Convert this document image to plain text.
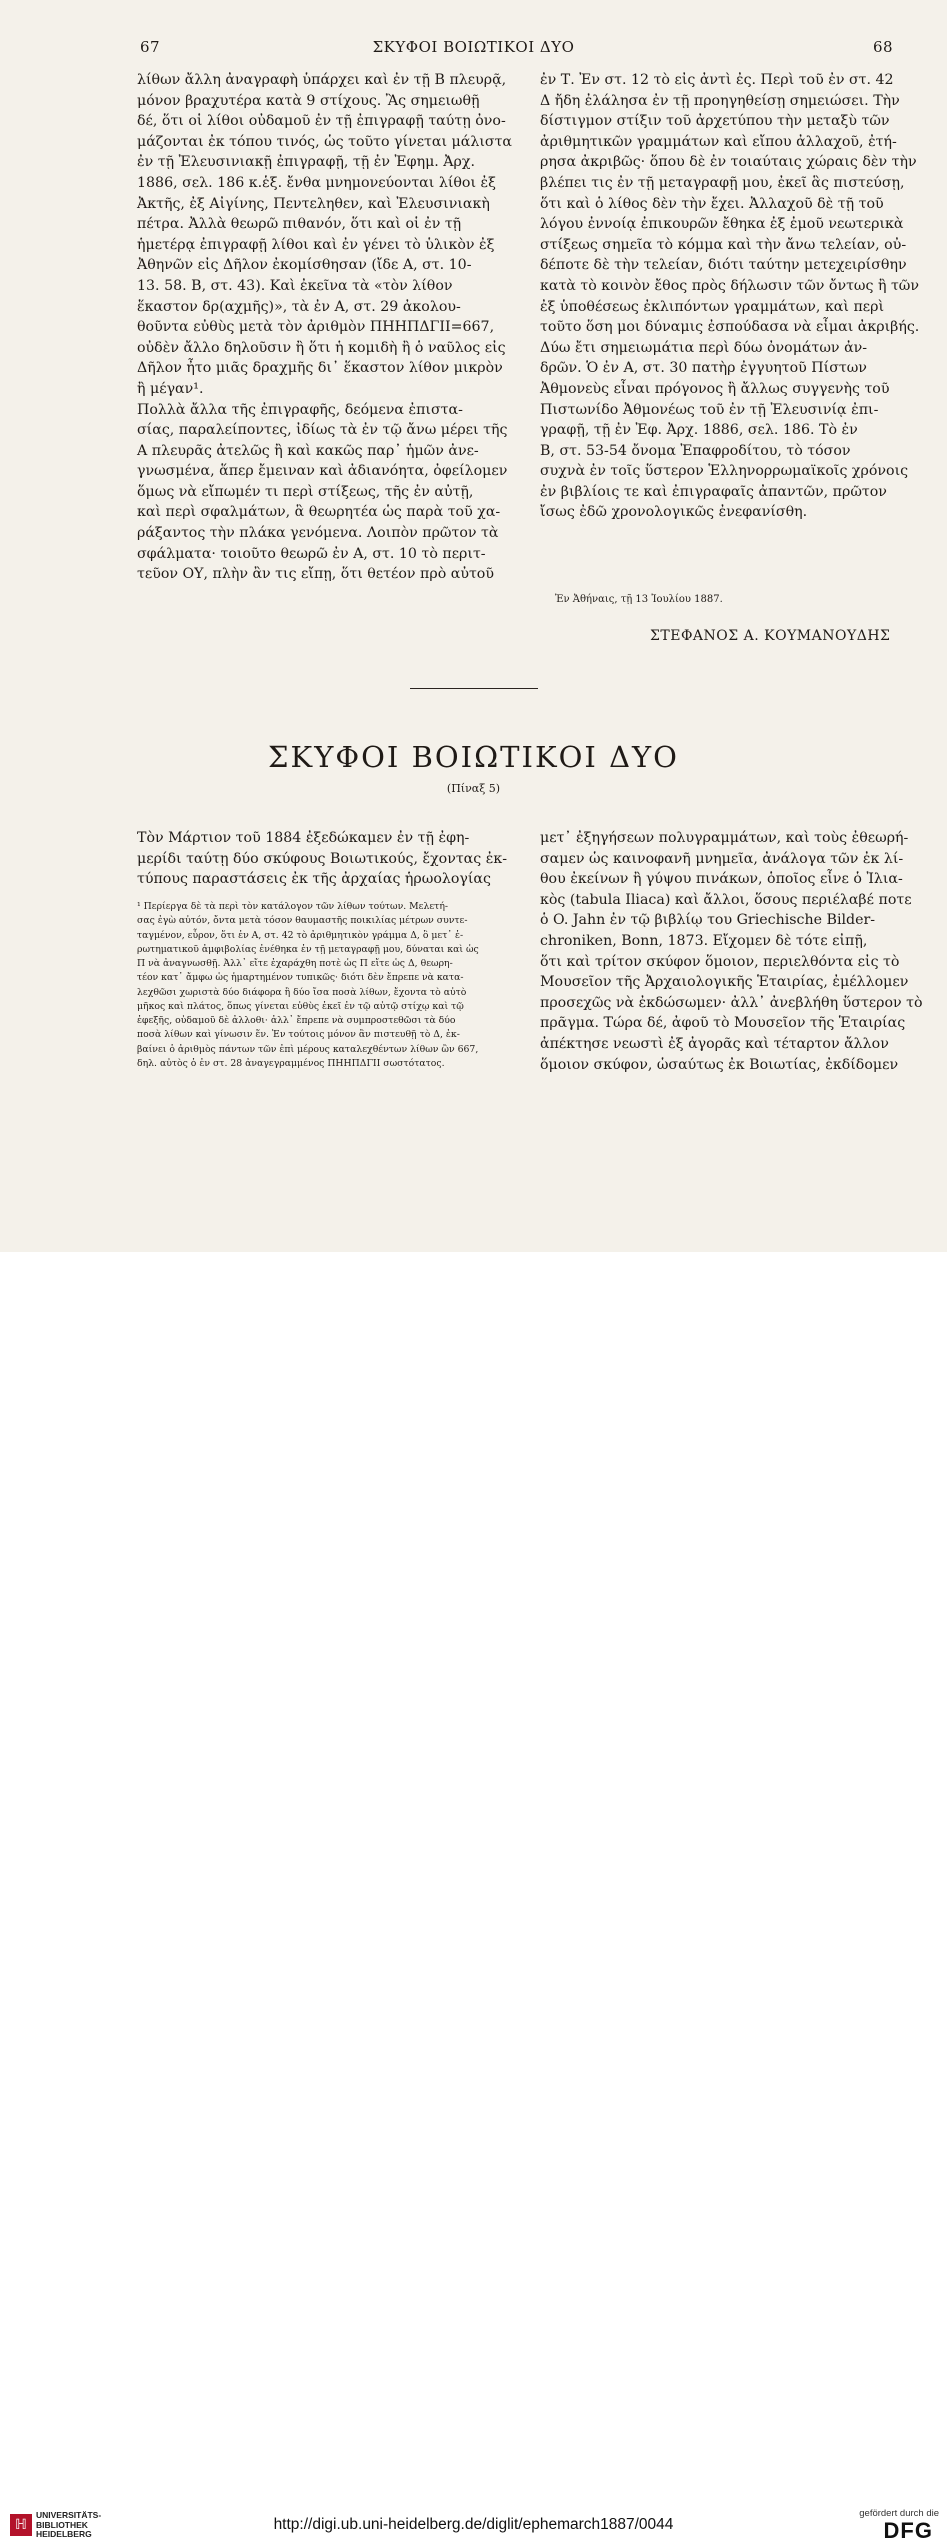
67	ΣΚΥΦΟΙ ΒΟΙΩΤΙΚΟΙ ΔΥΟ	68
λίθων ἄλλη ἀναγραφὴ ὑπάρχει καὶ ἐν τῇ Β πλευρᾷ,
μόνον βραχυτέρα κατὰ 9 στίχους. Ἂς σημειωθῇ
δέ, ὅτι οἱ λίθοι οὐδαμοῦ ἐν τῇ ἐπιγραφῇ ταύτῃ ὀνο-
μάζονται ἐκ τόπου τινός, ὡς τοῦτο γίνεται μάλιστα
ἐν τῇ Ἐλευσινιακῇ ἐπιγραφῇ, τῇ ἐν Ἐφημ. Ἀρχ.
1886, σελ. 186 κ.ἑξ. ἔνθα μνημονεύονται λίθοι ἐξ
Ἀκτῆς, ἐξ Αἰγίνης, Πεντεληθεν, καὶ Ἐλευσινιακὴ
πέτρα. Ἀλλὰ θεωρῶ πιθανόν, ὅτι καὶ οἱ ἐν τῇ
ἡμετέρᾳ ἐπιγραφῇ λίθοι καὶ ἐν γένει τὸ ὑλικὸν ἐξ
Ἀθηνῶν εἰς Δῆλον ἐκομίσθησαν (ἴδε Α, στ. 10-
13. 58. Β, στ. 43). Καὶ ἐκεῖνα τὰ «τὸν λίθον
ἕκαστον δρ(αχμῆς)», τὰ ἐν Α, στ. 29 ἀκολου-
θοῦντα εὐθὺς μετὰ τὸν ἀριθμὸν ΠΗΗΠΔΓΙΙ=667,
οὐδὲν ἄλλο δηλοῦσιν ἢ ὅτι ἡ κομιδὴ ἢ ὁ ναῦλος εἰς
Δῆλον ἦτο μιᾶς δραχμῆς δι᾽ ἕκαστον λίθον μικρὸν
ἢ μέγαν¹.
Πολλὰ ἄλλα τῆς ἐπιγραφῆς, δεόμενα ἐπιστα-
σίας, παραλείποντες, ἰδίως τὰ ἐν τῷ ἄνω μέρει τῆς
Α πλευρᾶς ἀτελῶς ἢ καὶ κακῶς παρ᾽ ἡμῶν ἀνε-
γνωσμένα, ἅπερ ἔμειναν καὶ ἀδιανόητα, ὀφείλομεν
ὅμως νὰ εἴπωμέν τι περὶ στίξεως, τῆς ἐν αὐτῇ,
καὶ περὶ σφαλμάτων, ἃ θεωρητέα ὡς παρὰ τοῦ χα-
ράξαντος τὴν πλάκα γενόμενα. Λοιπὸν πρῶτον τὰ
σφάλματα· τοιοῦτο θεωρῶ ἐν Α, στ. 10 τὸ περιτ-
τεῦον ΟΥ, πλὴν ἂν τις εἴπῃ, ὅτι θετέον πρὸ αὐτοῦ
ἐν Τ. Ἐν στ. 12 τὸ εἰς ἀντὶ ἐς. Περὶ τοῦ ἐν στ. 42
Δ ἤδη ἐλάλησα ἐν τῇ προηγηθείσῃ σημειώσει. Τὴν
δίστιγμον στίξιν τοῦ ἀρχετύπου τὴν μεταξὺ τῶν
ἀριθμητικῶν γραμμάτων καὶ εἴπου ἀλλαχοῦ, ἐτή-
ρησα ἀκριβῶς· ὅπου δὲ ἐν τοιαύταις χώραις δὲν τὴν
βλέπει τις ἐν τῇ μεταγραφῇ μου, ἐκεῖ ἃς πιστεύσῃ,
ὅτι καὶ ὁ λίθος δὲν τὴν ἔχει. Ἀλλαχοῦ δὲ τῇ τοῦ
λόγου ἐννοίᾳ ἐπικουρῶν ἔθηκα ἐξ ἐμοῦ νεωτερικὰ
στίξεως σημεῖα τὸ κόμμα καὶ τὴν ἄνω τελείαν, οὐ-
δέποτε δὲ τὴν τελείαν, διότι ταύτην μετεχειρίσθην
κατὰ τὸ κοινὸν ἔθος πρὸς δήλωσιν τῶν ὄντως ἢ τῶν
ἐξ ὑποθέσεως ἐκλιπόντων γραμμάτων, καὶ περὶ
τοῦτο ὅση μοι δύναμις ἐσπούδασα νὰ εἶμαι ἀκριβής.
Δύω ἔτι σημειωμάτια περὶ δύω ὀνομάτων ἀν-
δρῶν. Ὁ ἐν Α, στ. 30 πατὴρ ἐγγυητοῦ Πίστων
Ἀθμονεὺς εἶναι πρόγονος ἢ ἄλλως συγγενὴς τοῦ
Πιστωνίδο Ἀθμονέως τοῦ ἐν τῇ Ἐλευσινίᾳ ἐπι-
γραφῇ, τῇ ἐν Ἐφ. Ἀρχ. 1886, σελ. 186. Τὸ ἐν
Β, στ. 53-54 ὄνομα Ἐπαφροδίτου, τὸ τόσον
συχνὰ ἐν τοῖς ὕστερον Ἑλληνορρωμαϊκοῖς χρόνοις
ἐν βιβλίοις τε καὶ ἐπιγραφαῖς ἀπαντῶν, πρῶτον
ἴσως ἐδῶ χρονολογικῶς ἐνεφανίσθη.
Ἐν Ἀθήναις, τῇ 13 Ἰουλίου 1887.
ΣΤΕΦΑΝΟΣ Α. ΚΟΥΜΑΝΟΥΔΗΣ
ΣΚΥΦΟΙ ΒΟΙΩΤΙΚΟΙ ΔΥΟ
(Πίναξ 5)
Τὸν Μάρτιον τοῦ 1884 ἐξεδώκαμεν ἐν τῇ ἐφη-
μερίδι ταύτῃ δύο σκύφους Βοιωτικούς, ἔχοντας ἐκ-
τύπους παραστάσεις ἐκ τῆς ἀρχαίας ἡρωολογίας
¹ Περίεργα δὲ τὰ περὶ τὸν κατάλογον τῶν λίθων τούτων. Μελετή-
σας ἐγὼ αὐτόν, ὄντα μετὰ τόσον θαυμαστῆς ποικιλίας μέτρων συντε-
ταγμένον, εὗρον, ὅτι ἐν Α, στ. 42 τὸ ἀριθμητικὸν γράμμα Δ, ὃ μετ᾽ ἐ-
ρωτηματικοῦ ἀμφιβολίας ἐνέθηκα ἐν τῇ μεταγραφῇ μου, δύναται καὶ ὡς
Π νὰ ἀναγνωσθῇ. Ἀλλ᾽ εἴτε ἐχαράχθη ποτὲ ὡς Π εἴτε ὡς Δ, θεωρη-
τέον κατ᾽ ἄμφω ὡς ἡμαρτημένον τυπικῶς· διότι δὲν ἔπρεπε νὰ κατα-
λεχθῶσι χωριστὰ δύο διάφορα ἢ δύο ἴσα ποσὰ λίθων, ἔχοντα τὸ αὐτὸ
μῆκος καὶ πλάτος, ὅπως γίνεται εὐθὺς ἐκεῖ ἐν τῷ αὐτῷ στίχῳ καὶ τῷ
ἐφεξῆς, οὐδαμοῦ δὲ ἀλλοθι· ἀλλ᾽ ἔπρεπε νὰ συμπροστεθῶσι τὰ δύο
ποσὰ λίθων καὶ γίνωσιν ἕν. Ἐν τούτοις μόνον ἂν πιστευθῇ τὸ Δ, ἐκ-
βαίνει ὁ ἀριθμὸς πάντων τῶν ἐπὶ μέρους καταλεχθέντων λίθων ὢν 667,
δηλ. αὐτὸς ὁ ἐν στ. 28 ἀναγεγραμμένος ΠΗΗΠΔΓΙΙ σωστότατος.
μετ᾽ ἐξηγήσεων πολυγραμμάτων, καὶ τοὺς ἐθεωρή-
σαμεν ὡς καινοφανῆ μνημεῖα, ἀνάλογα τῶν ἐκ λί-
θου ἐκείνων ἢ γύψου πινάκων, ὁποῖος εἶνε ὁ Ἰλια-
κὸς (tabula Iliaca) καὶ ἄλλοι, ὅσους περιέλαβέ ποτε
ὁ O. Jahn ἐν τῷ βιβλίῳ του Griechische Bilder-
chroniken, Bonn, 1873. Εἴχομεν δὲ τότε εἰπῇ,
ὅτι καὶ τρίτον σκύφον ὅμοιον, περιελθόντα εἰς τὸ
Μουσεῖον τῆς Ἀρχαιολογικῆς Ἑταιρίας, ἐμέλλομεν
προσεχῶς νὰ ἐκδώσωμεν· ἀλλ᾽ ἀνεβλήθη ὕστερον τὸ
πρᾶγμα. Τώρα δέ, ἀφοῦ τὸ Μουσεῖον τῆς Ἑταιρίας
ἀπέκτησε νεωστὶ ἐξ ἀγορᾶς καὶ τέταρτον ἄλλον
ὅμοιον σκύφον, ὡσαύτως ἐκ Βοιωτίας, ἐκδίδομεν
ℍ
UNIVERSITÄTS-
BIBLIOTHEK
HEIDELBERG
http://digi.ub.uni-heidelberg.de/diglit/ephemarch1887/0044
gefördert durch die
DFG
